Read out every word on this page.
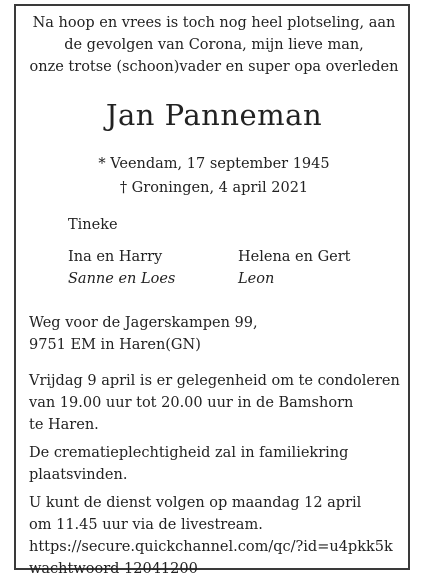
Na hoop en vrees is toch nog heel plotseling, aan
de gevolgen van Corona, mijn lieve man,
onze trotse (schoon)vader en super opa overleden
Jan Panneman
* Veendam, 17 september 1945
† Groningen, 4 april 2021
Tineke
Ina en Harry
Sanne en Loes
Helena en Gert
Leon
Weg voor de Jagerskampen 99,
9751 EM in Haren(GN)
Vrijdag 9 april is er gelegenheid om te condoleren
van 19.00 uur tot 20.00 uur in de Bamshorn
te Haren.
De crematieplechtigheid zal in familiekring
plaatsvinden.
U kunt de dienst volgen op maandag 12 april
om 11.45 uur via de livestream.
https://secure.quickchannel.com/qc/?id=u4pkk5k
wachtwoord 12041200
